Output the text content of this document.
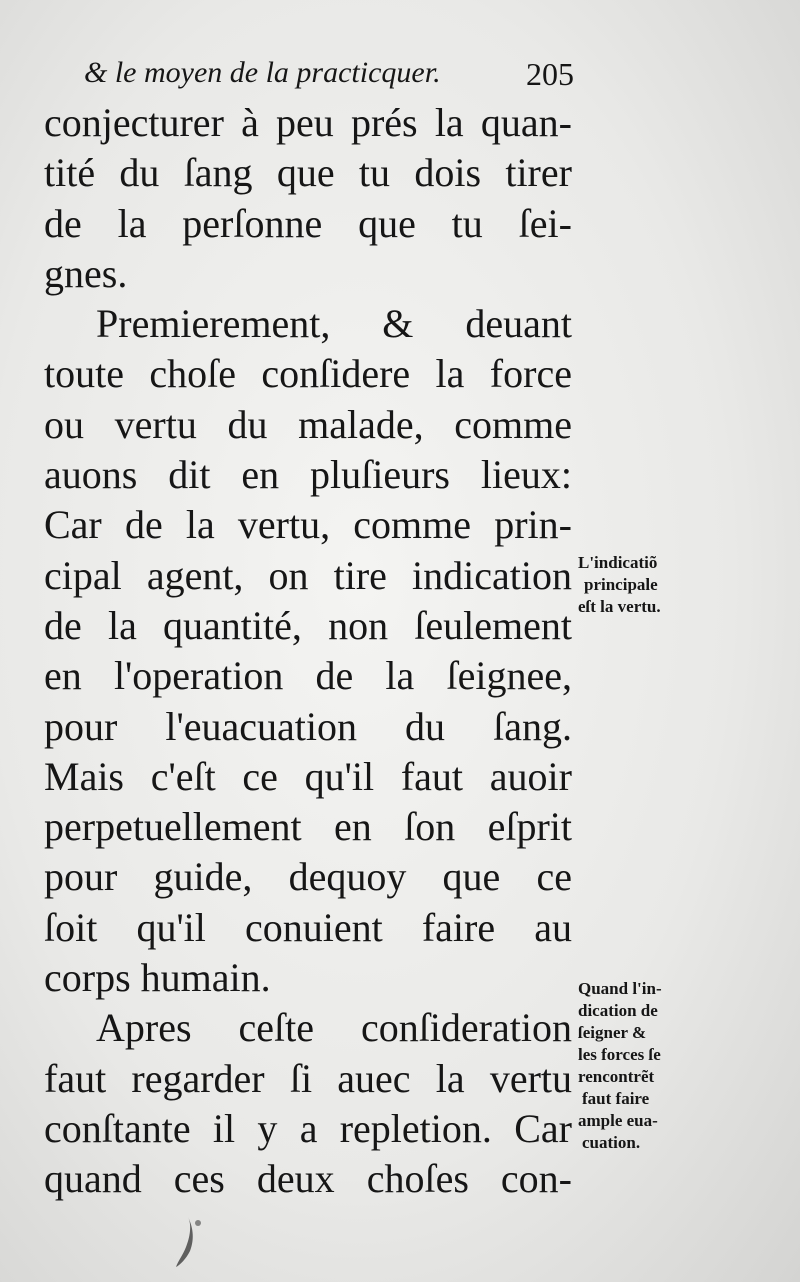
& le moyen de la practicquer.	205
conjecturer à peu prés la quan-
tité du ſang que tu dois tirer
de la perſonne que tu ſei-
gnes.
Premierement, & deuant
toute choſe conſidere la force
ou vertu du malade, comme
auons dit en pluſieurs lieux:
Car de la vertu, comme prin-
cipal agent, on tire indication
de la quantité, non ſeulement
en l'operation de la ſeignee,
pour l'euacuation du ſang.
Mais c'eſt ce qu'il faut auoir
perpetuellement en ſon eſprit
pour guide, dequoy que ce
ſoit qu'il conuient faire au
corps humain.
Apres ceſte conſideration
faut regarder ſi auec la vertu
conſtante il y a repletion. Car
quand ces deux choſes con-
L'indicatiõ
principale
eſt la vertu.
Quand l'in-
dication de
ſeigner &
les forces ſe
rencontrẽt
faut faire
ample eua-
cuation.
